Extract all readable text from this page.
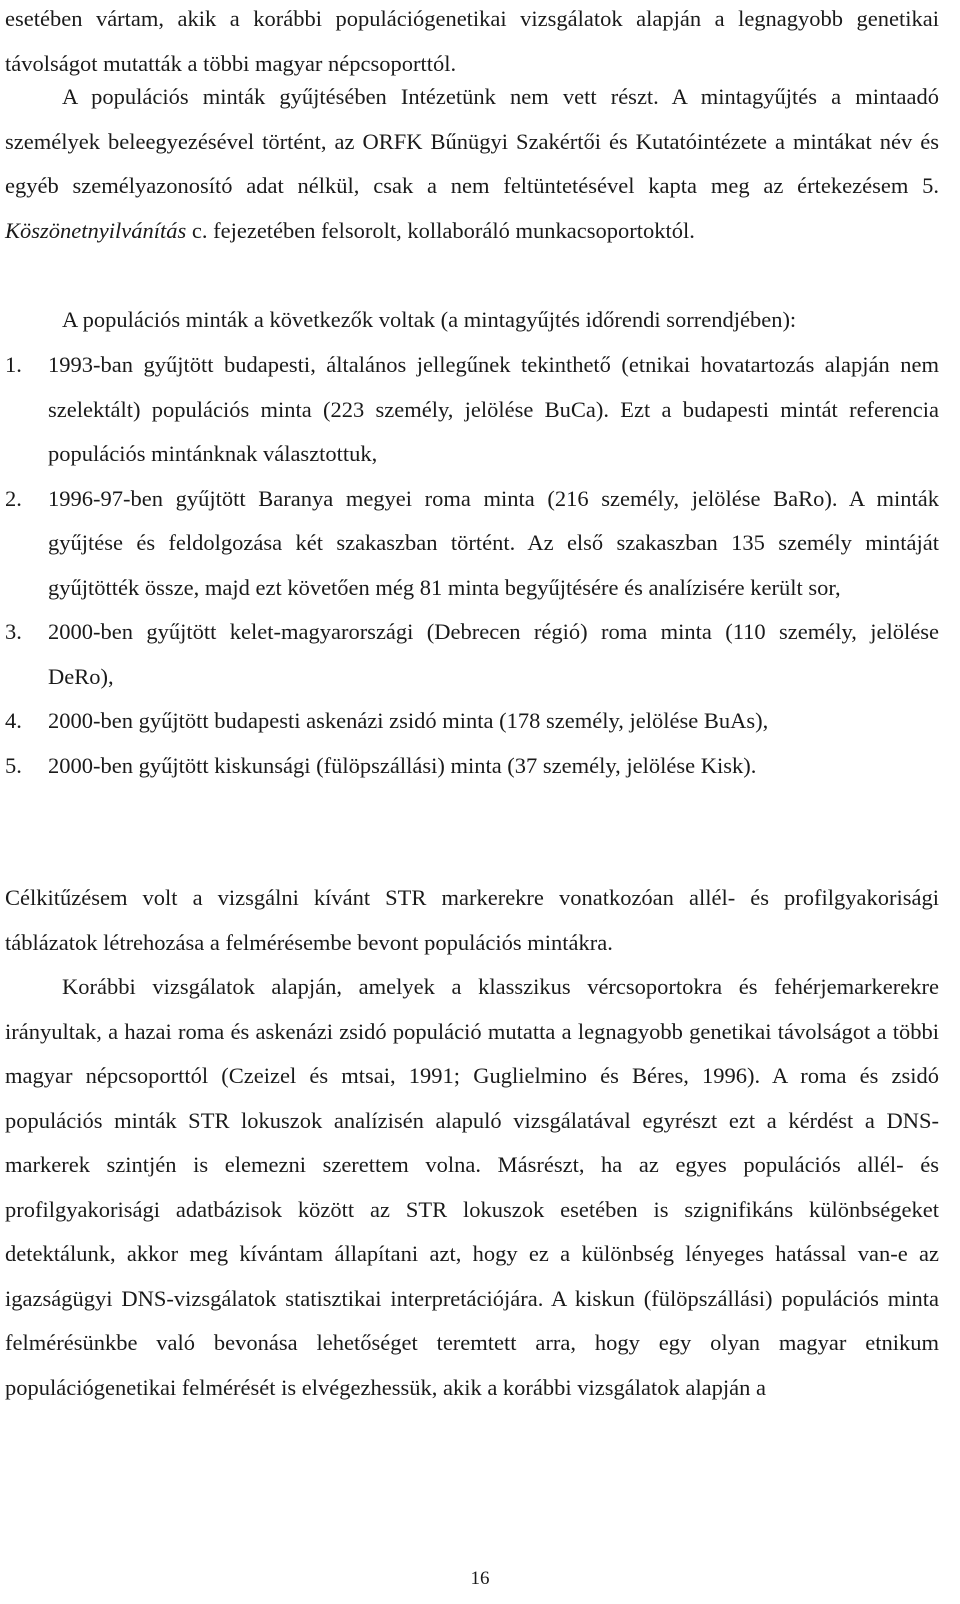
esetében vártam, akik a korábbi populációgenetikai vizsgálatok alapján a legnagyobb genetikai távolságot mutatták a többi magyar népcsoporttól.

A populációs minták gyűjtésében Intézetünk nem vett részt. A mintagyűjtés a mintaadó személyek beleegyezésével történt, az ORFK Bűnügyi Szakértői és Kutatóintézete a mintákat név és egyéb személyazonosító adat nélkül, csak a nem feltüntetésével kapta meg az értekezésem 5. Köszönetnyilvánítás c. fejezetében felsorolt, kollaboráló munkacsoportoktól.

A populációs minták a következők voltak (a mintagyűjtés időrendi sorrendjében):

1.	1993-ban gyűjtött budapesti, általános jellegűnek tekinthető (etnikai hovatartozás alapján nem szelektált) populációs minta (223 személy, jelölése BuCa). Ezt a budapesti mintát referencia populációs mintánknak választottuk,
2.	1996-97-ben gyűjtött Baranya megyei roma minta (216 személy, jelölése BaRo). A minták gyűjtése és feldolgozása két szakaszban történt. Az első szakaszban 135 személy mintáját gyűjtötték össze, majd ezt követően még 81 minta begyűjtésére és analízisére került sor,
3.	2000-ben gyűjtött kelet-magyarországi (Debrecen régió) roma minta (110 személy, jelölése DeRo),
4.	2000-ben gyűjtött budapesti askenázi zsidó minta (178 személy, jelölése BuAs),
5.	2000-ben gyűjtött kiskunsági (fülöpszállási) minta (37 személy, jelölése Kisk).

Célkitűzésem volt a vizsgálni kívánt STR markerekre vonatkozóan allél- és profilgyakorisági táblázatok létrehozása a felmérésembe bevont populációs mintákra.

Korábbi vizsgálatok alapján, amelyek a klasszikus vércsoportokra és fehérjemarkerekre irányultak, a hazai roma és askenázi zsidó populáció mutatta a legnagyobb genetikai távolságot a többi magyar népcsoporttól (Czeizel és mtsai, 1991; Guglielmino és Béres, 1996). A roma és zsidó populációs minták STR lokuszok analízisén alapuló vizsgálatával egyrészt ezt a kérdést a DNS-markerek szintjén is elemezni szerettem volna. Másrészt, ha az egyes populációs allél- és profilgyakorisági adatbázisok között az STR lokuszok esetében is szignifikáns különbségeket detektálunk, akkor meg kívántam állapítani azt, hogy ez a különbség lényeges hatással van-e az igazságügyi DNS-vizsgálatok statisztikai interpretációjára. A kiskun (fülöpszállási) populációs minta felmérésünkbe való bevonása lehetőséget teremtett arra, hogy egy olyan magyar etnikum populációgenetikai felmérését is elvégezhessük, akik a korábbi vizsgálatok alapján a

16
